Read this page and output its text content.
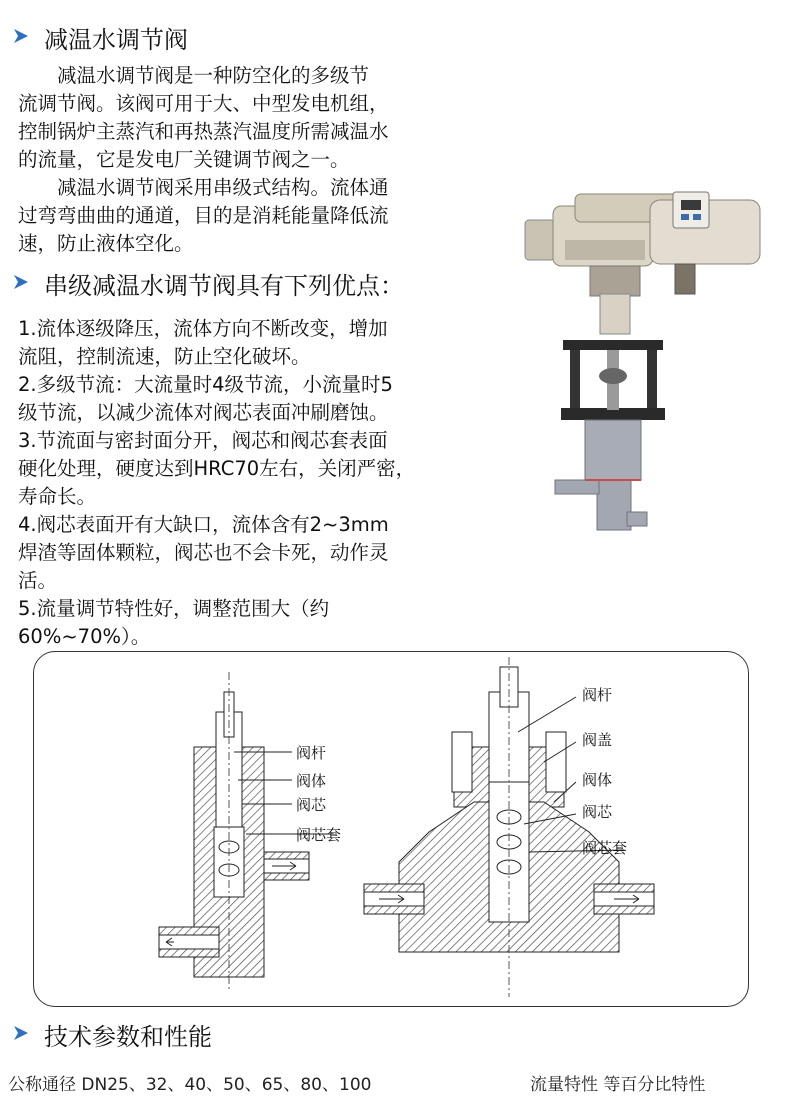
减温水调节阀
　　减温水调节阀是一种防空化的多级节
流调节阀。该阀可用于大、中型发电机组，
控制锅炉主蒸汽和再热蒸汽温度所需减温水
的流量，它是发电厂关键调节阀之一。
　　减温水调节阀采用串级式结构。流体通
过弯弯曲曲的通道，目的是消耗能量降低流
速，防止液体空化。
串级减温水调节阀具有下列优点：
1.流体逐级降压，流体方向不断改变，增加
流阻，控制流速，防止空化破坏。
2.多级节流：大流量时4级节流，小流量时5
级节流，以减少流体对阀芯表面冲刷磨蚀。
3.节流面与密封面分开，阀芯和阀芯套表面
硬化处理，硬度达到HRC70左右，关闭严密，
寿命长。
4.阀芯表面开有大缺口，流体含有2~3mm
焊渣等固体颗粒，阀芯也不会卡死，动作灵
活。
5.流量调节特性好，调整范围大（约
60%~70%）。
阀杆
阀体
阀芯
阀芯套
阀杆
阀盖
阀体
阀芯
阀芯套
技术参数和性能
公称通径 DN25、32、40、50、65、80、100	流量特性 等百分比特性
